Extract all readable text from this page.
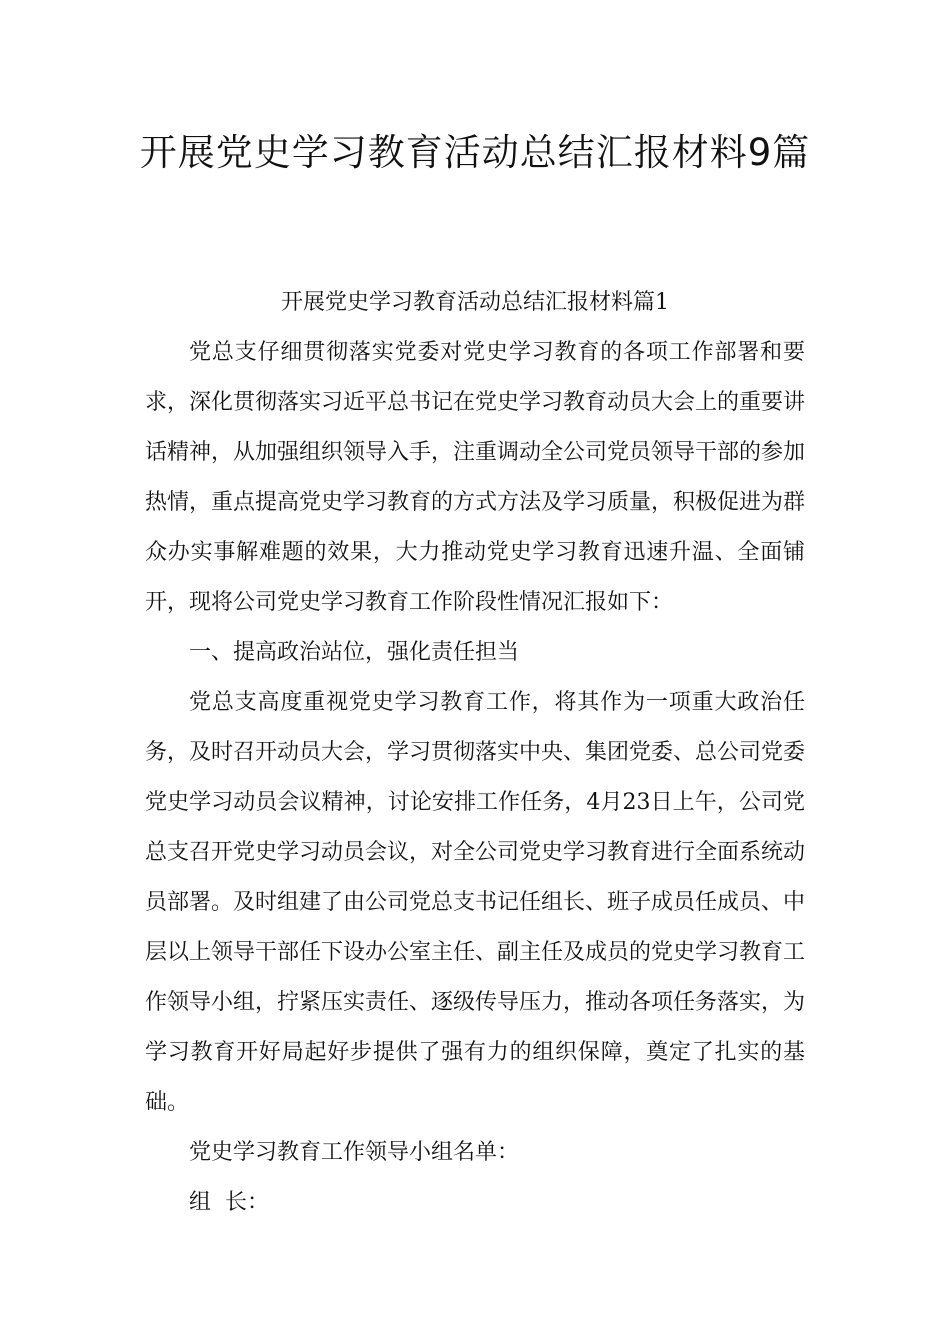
开展党史学习教育活动总结汇报材料9篇

开展党史学习教育活动总结汇报材料篇1

党总支仔细贯彻落实党委对党史学习教育的各项工作部署和要求，深化贯彻落实习近平总书记在党史学习教育动员大会上的重要讲话精神，从加强组织领导入手，注重调动全公司党员领导干部的参加热情，重点提高党史学习教育的方式方法及学习质量，积极促进为群众办实事解难题的效果，大力推动党史学习教育迅速升温、全面铺开，现将公司党史学习教育工作阶段性情况汇报如下：

一、提高政治站位，强化责任担当

党总支高度重视党史学习教育工作，将其作为一项重大政治任务，及时召开动员大会，学习贯彻落实中央、集团党委、总公司党委党史学习动员会议精神，讨论安排工作任务，4月23日上午，公司党总支召开党史学习动员会议，对全公司党史学习教育进行全面系统动员部署。及时组建了由公司党总支书记任组长、班子成员任成员、中层以上领导干部任下设办公室主任、副主任及成员的党史学习教育工作领导小组，拧紧压实责任、逐级传导压力，推动各项任务落实，为学习教育开好局起好步提供了强有力的组织保障，奠定了扎实的基础。

党史学习教育工作领导小组名单：

组  长：
